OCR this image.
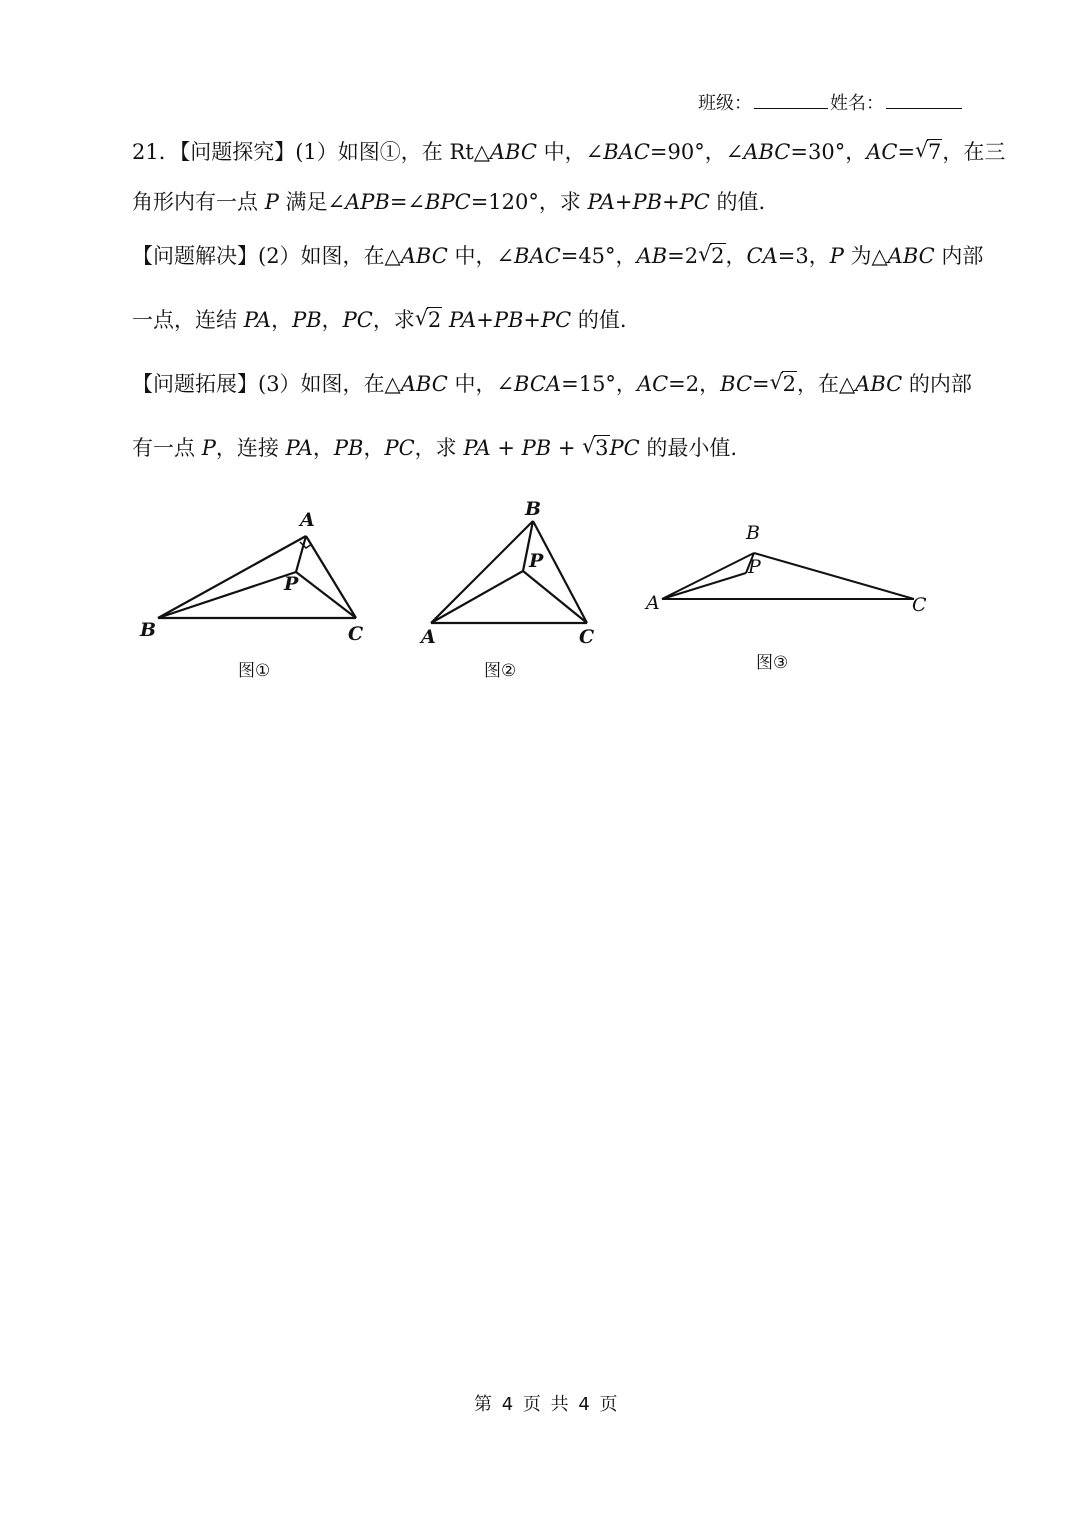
班级：	姓名：
21．【问题探究】(1）如图①，在 Rt△ABC 中，∠BAC=90°，∠ABC=30°，AC= √ 7，在三
角形内有一点 P 满足∠APB=∠BPC=120°，求 PA+PB+PC 的值.
【问题解决】(2）如图，在△ABC 中，∠BAC=45°，AB=2 √ 2，CA=3，P 为△ABC 内部
一点，连结 PA，PB，PC，求 √ 2 PA+PB+PC 的值.
【问题拓展】(3）如图，在△ABC 中，∠BCA=15°，AC=2，BC= √ 2，在△ABC 的内部
有一点 P，连接 PA，PB，PC，求 PA + PB + √ 3PC 的最小值.
A
B	C
P
图①
A
B
C
P
图②
A
B
C
P
图③
第 4 页 共 4 页
